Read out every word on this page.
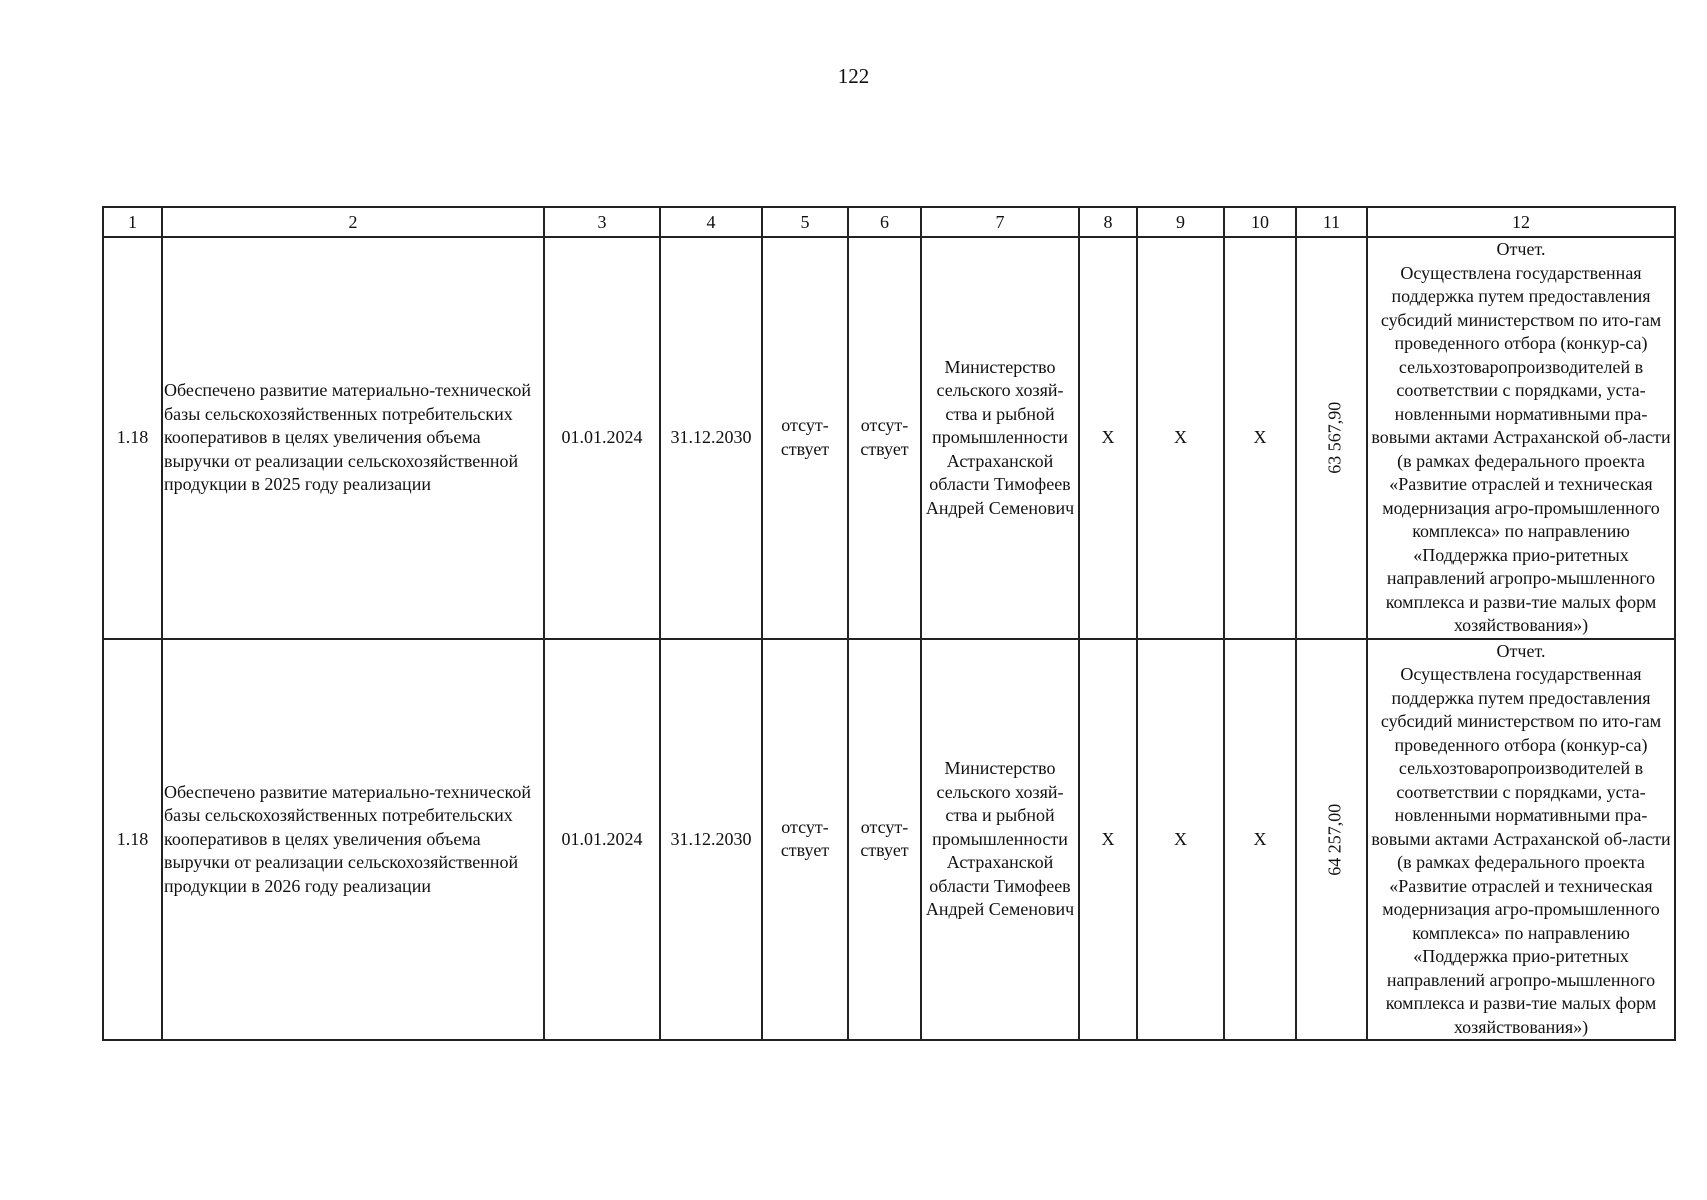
122
1	2	3	4	5	6	7	8	9	10	11	12
1.18	Обеспечено развитие материально-технической базы сельскохозяйственных потребительских кооперативов в целях увеличения объема выручки от реализации сельскохозяйственной продукции в 2025 году реализации	01.01.2024	31.12.2030	отсут-ствует	отсут-ствует	Министерство сельского хозяй-ства и рыбной промышленности Астраханской области Тимофеев Андрей Семенович	X	X	X	63 567,90	Отчет.
Осуществлена государственная поддержка путем предоставления субсидий министерством по ито-гам проведенного отбора (конкур-са) сельхозтоваропроизводителей в соответствии с порядками, уста-новленными нормативными пра-вовыми актами Астраханской об-ласти (в рамках федерального проекта «Развитие отраслей и техническая модернизация агро-промышленного комплекса» по направлению «Поддержка прио-ритетных направлений агропро-мышленного комплекса и разви-тие малых форм хозяйствования»)

1.18	Обеспечено развитие материально-технической базы сельскохозяйственных потребительских кооперативов в целях увеличения объема выручки от реализации сельскохозяйственной продукции в 2026 году реализации	01.01.2024	31.12.2030	отсут-ствует	отсут-ствует	Министерство сельского хозяй-ства и рыбной промышленности Астраханской области Тимофеев Андрей Семенович	X	X	X	64 257,00	Отчет.
Осуществлена государственная поддержка путем предоставления субсидий министерством по ито-гам проведенного отбора (конкур-са) сельхозтоваропроизводителей в соответствии с порядками, уста-новленными нормативными пра-вовыми актами Астраханской об-ласти (в рамках федерального проекта «Развитие отраслей и техническая модернизация агро-промышленного комплекса» по направлению «Поддержка прио-ритетных направлений агропро-мышленного комплекса и разви-тие малых форм хозяйствования»)
